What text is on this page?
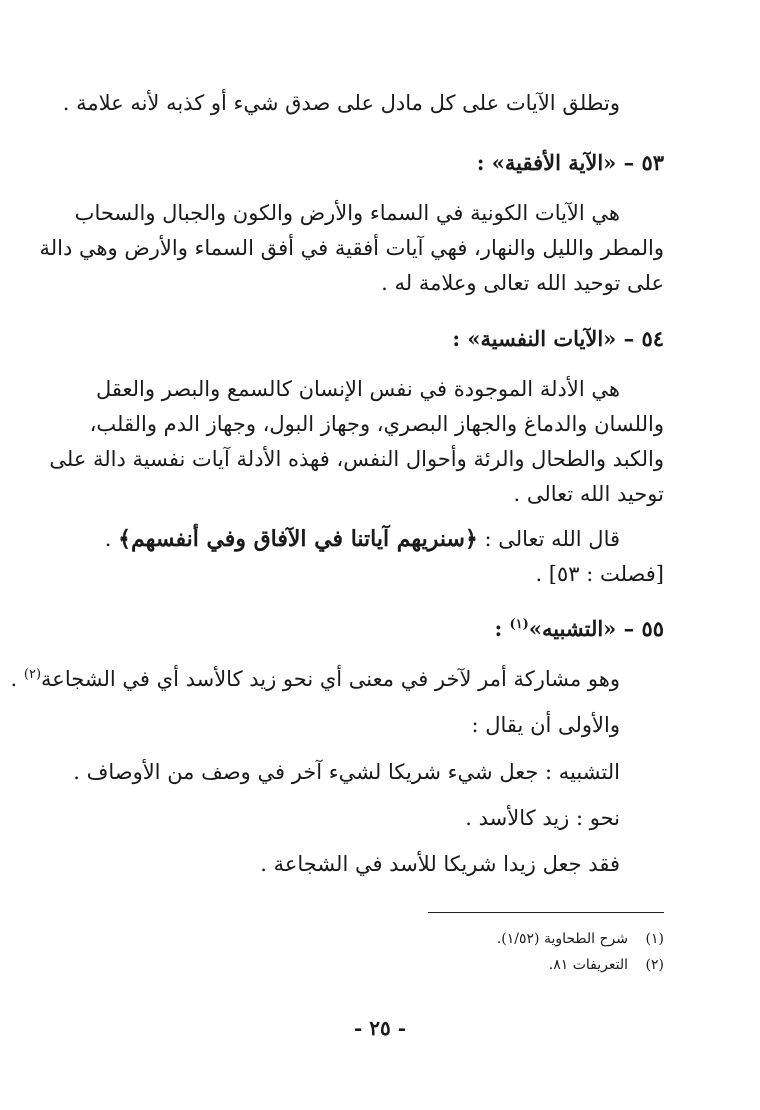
وتطلق الآيات على كل مادل على صدق شيء أو كذبه لأنه علامة .
٥٣ – «الآية الأفقية» :
هي الآيات الكونية في السماء والأرض والكون والجبال والسحاب
والمطر والليل والنهار، فهي آيات أفقية في أفق السماء والأرض وهي دالة
على توحيد الله تعالى وعلامة له .
٥٤ – «الآيات النفسية» :
هي الأدلة الموجودة في نفس الإنسان كالسمع والبصر والعقل
واللسان والدماغ والجهاز البصري، وجهاز البول، وجهاز الدم والقلب،
والكبد والطحال والرئة وأحوال النفس، فهذه الأدلة آيات نفسية دالة على
توحيد الله تعالى .
قال الله تعالى : ﴿سنريهم آياتنا في الآفاق وفي أنفسهم﴾ .
[فصلت : ٥٣] .
٥٥ – «التشبيه»$^{(١)}$ :
وهو مشاركة أمر لآخر في معنى أي نحو زيد كالأسد أي في الشجاعة$^{(٢)}$ .
والأولى أن يقال :
التشبيه : جعل شيء شريكا لشيء آخر في وصف من الأوصاف .
نحو : زيد كالأسد .
فقد جعل زيدا شريكا للأسد في الشجاعة .
(١)شرح الطحاوية (١/٥٢).
(٢)التعريفات ٨١.
- ٢٥ -
